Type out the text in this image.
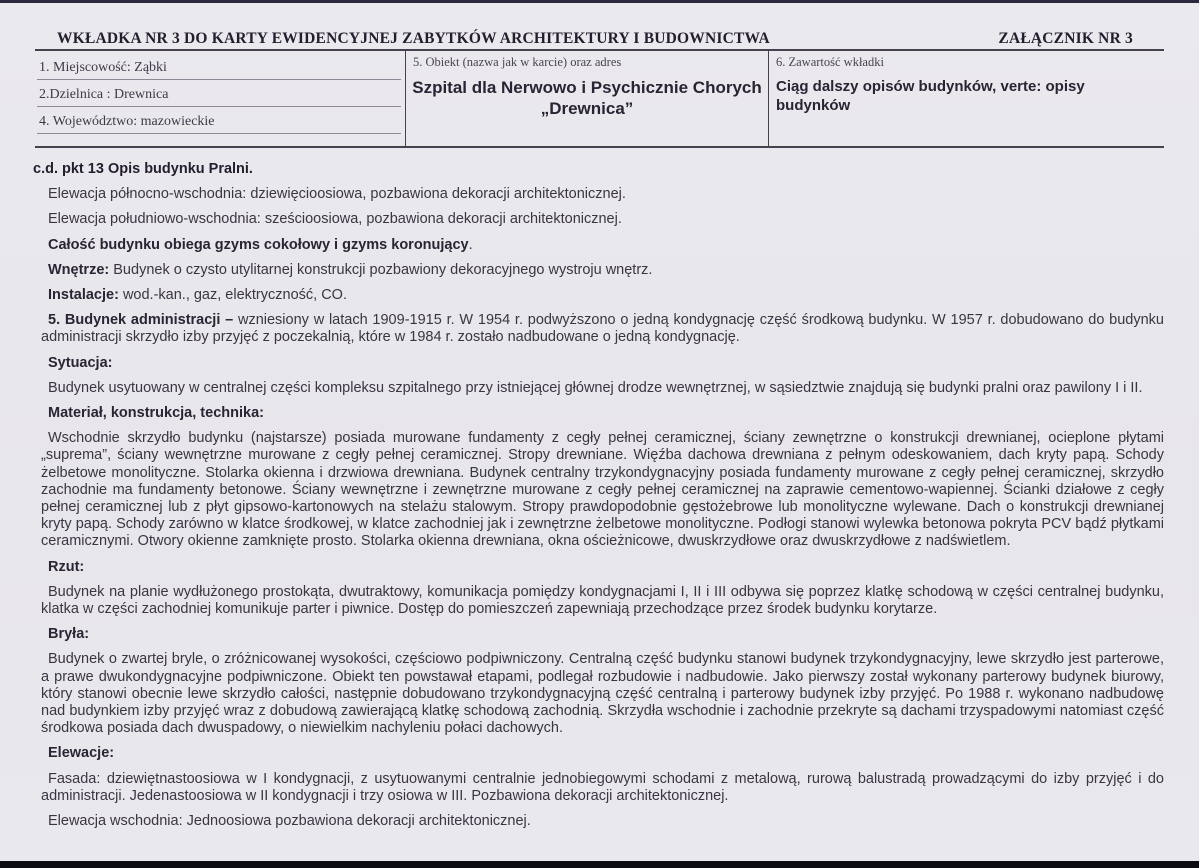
WKŁADKA NR 3 DO KARTY EWIDENCYJNEJ ZABYTKÓW ARCHITEKTURY I BUDOWNICTWA	ZAŁĄCZNIK NR 3
1. Miejscowość: Ząbki
2.Dzielnica : Drewnica
4. Województwo: mazowieckie
5. Obiekt (nazwa jak w karcie) oraz adres
Szpital dla Nerwowo i Psychicznie Chorych
„Drewnica”
6. Zawartość wkładki
Ciąg dalszy opisów budynków, verte: opisy budynków

c.d. pkt 13 Opis budynku Pralni.

Elewacja północno-wschodnia: dziewięcioosiowa, pozbawiona dekoracji architektonicznej.

Elewacja południowo-wschodnia: sześcioosiowa, pozbawiona dekoracji architektonicznej.

Całość budynku obiega gzyms cokołowy i gzyms koronujący.

Wnętrze: Budynek o czysto utylitarnej konstrukcji pozbawiony dekoracyjnego wystroju wnętrz.

Instalacje: wod.-kan., gaz, elektryczność, CO.

5. Budynek administracji – wzniesiony w latach 1909-1915 r. W 1954 r. podwyższono o jedną kondygnację część środkową budynku. W 1957 r. dobudowano do budynku administracji skrzydło izby przyjęć z poczekalnią, które w 1984 r. zostało nadbudowane o jedną kondygnację.

Sytuacja:

Budynek usytuowany w centralnej części kompleksu szpitalnego przy istniejącej głównej drodze wewnętrznej, w sąsiedztwie znajdują się budynki pralni oraz pawilony I i II.

Materiał, konstrukcja, technika:

Wschodnie skrzydło budynku (najstarsze) posiada murowane fundamenty z cegły pełnej ceramicznej, ściany zewnętrzne o konstrukcji drewnianej, ocieplone płytami „suprema”, ściany wewnętrzne murowane z cegły pełnej ceramicznej. Stropy drewniane. Więźba dachowa drewniana z pełnym odeskowaniem, dach kryty papą. Schody żelbetowe monolityczne. Stolarka okienna i drzwiowa drewniana. Budynek centralny trzykondygnacyjny posiada fundamenty murowane z cegły pełnej ceramicznej, skrzydło zachodnie ma fundamenty betonowe. Ściany wewnętrzne i zewnętrzne murowane z cegły pełnej ceramicznej na zaprawie cementowo-wapiennej. Ścianki działowe z cegły pełnej ceramicznej lub z płyt gipsowo-kartonowych na stelażu stalowym. Stropy prawdopodobnie gęstożebrowe lub monolityczne wylewane. Dach o konstrukcji drewnianej kryty papą. Schody zarówno w klatce środkowej, w klatce zachodniej jak i zewnętrzne żelbetowe monolityczne. Podłogi stanowi wylewka betonowa pokryta PCV bądź płytkami ceramicznymi. Otwory okienne zamknięte prosto. Stolarka okienna drewniana, okna ościeżnicowe, dwuskrzydłowe oraz dwuskrzydłowe z nadświetlem.

Rzut:

Budynek na planie wydłużonego prostokąta, dwutraktowy, komunikacja pomiędzy kondygnacjami I, II i III odbywa się poprzez klatkę schodową w części centralnej budynku, klatka w części zachodniej komunikuje parter i piwnice. Dostęp do pomieszczeń zapewniają przechodzące przez środek budynku korytarze.

Bryła:

Budynek o zwartej bryle, o zróżnicowanej wysokości, częściowo podpiwniczony. Centralną część budynku stanowi budynek trzykondygnacyjny, lewe skrzydło jest parterowe, a prawe dwukondygnacyjne podpiwniczone. Obiekt ten powstawał etapami, podlegał rozbudowie i nadbudowie. Jako pierwszy został wykonany parterowy budynek biurowy, który stanowi obecnie lewe skrzydło całości, następnie dobudowano trzykondygnacyjną część centralną i parterowy budynek izby przyjęć. Po 1988 r. wykonano nadbudowę nad budynkiem izby przyjęć wraz z dobudową zawierającą klatkę schodową zachodnią. Skrzydła wschodnie i zachodnie przekryte są dachami trzyspadowymi natomiast część środkowa posiada dach dwuspadowy, o niewielkim nachyleniu połaci dachowych.

Elewacje:

Fasada: dziewiętnastoosiowa w I kondygnacji, z usytuowanymi centralnie jednobiegowymi schodami z metalową, rurową balustradą prowadzącymi do izby przyjęć i do administracji. Jedenastoosiowa w II kondygnacji i trzy osiowa w III. Pozbawiona dekoracji architektonicznej.

Elewacja wschodnia: Jednoosiowa pozbawiona dekoracji architektonicznej.
